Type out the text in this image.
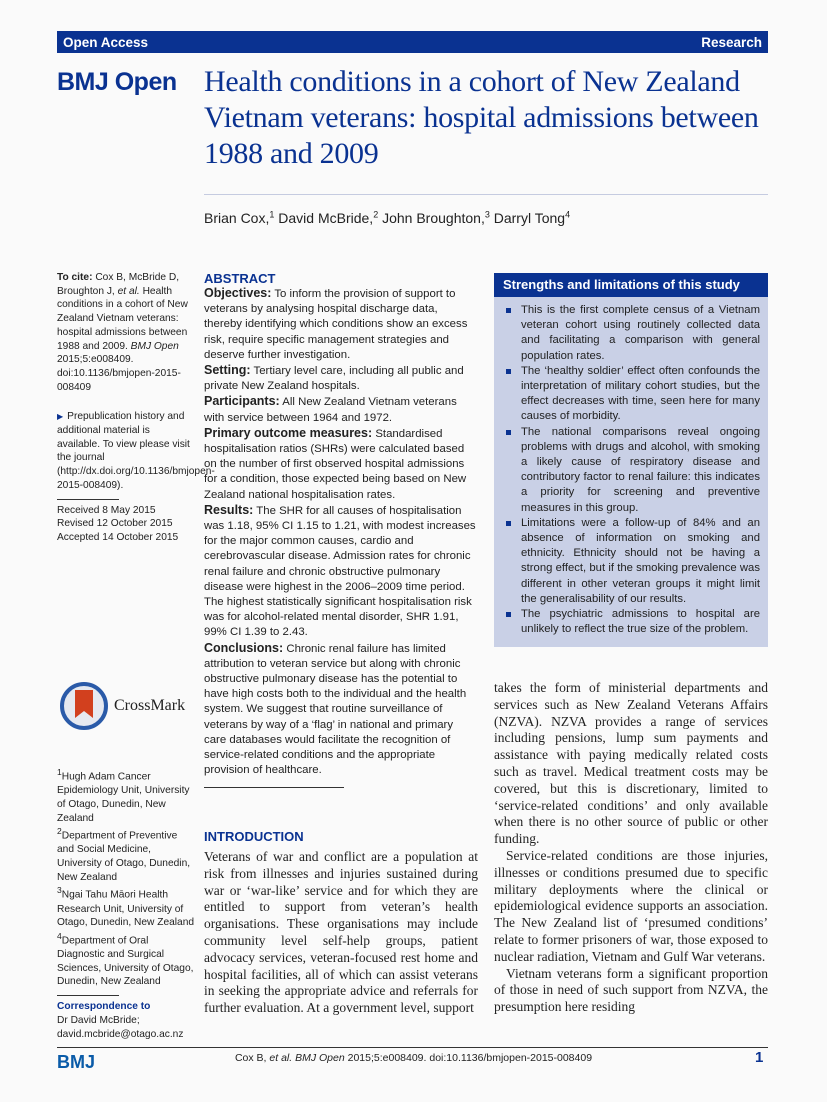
Open Access	Research
BMJ Open Health conditions in a cohort of New Zealand Vietnam veterans: hospital admissions between 1988 and 2009
Brian Cox,$^1$ David McBride,$^2$ John Broughton,$^3$ Darryl Tong$^4$
To cite: Cox B, McBride D, Broughton J, et al. Health conditions in a cohort of New Zealand Vietnam veterans: hospital admissions between 1988 and 2009. BMJ Open 2015;5:e008409. doi:10.1136/bmjopen-2015-008409
▶ Prepublication history and additional material is available. To view please visit the journal (http://dx.doi.org/10.1136/bmjopen-2015-008409).
Received 8 May 2015
Revised 12 October 2015
Accepted 14 October 2015
CrossMark
$^1$Hugh Adam Cancer Epidemiology Unit, University of Otago, Dunedin, New Zealand
$^2$Department of Preventive and Social Medicine, University of Otago, Dunedin, New Zealand
$^3$Ngai Tahu Māori Health Research Unit, University of Otago, Dunedin, New Zealand
$^4$Department of Oral Diagnostic and Surgical Sciences, University of Otago, Dunedin, New Zealand
Correspondence to
Dr David McBride;
david.mcbride@otago.ac.nz
ABSTRACT

Objectives: To inform the provision of support to veterans by analysing hospital discharge data, thereby identifying which conditions show an excess risk, require specific management strategies and deserve further investigation.

Setting: Tertiary level care, including all public and private New Zealand hospitals.

Participants: All New Zealand Vietnam veterans with service between 1964 and 1972.

Primary outcome measures: Standardised hospitalisation ratios (SHRs) were calculated based on the number of first observed hospital admissions for a condition, those expected being based on New Zealand national hospitalisation rates.

Results: The SHR for all causes of hospitalisation was 1.18, 95% CI 1.15 to 1.21, with modest increases for the major common causes, cardio and cerebrovascular disease. Admission rates for chronic renal failure and chronic obstructive pulmonary disease were highest in the 2006–2009 time period. The highest statistically significant hospitalisation risk was for alcohol-related mental disorder, SHR 1.91, 99% CI 1.39 to 2.43.

Conclusions: Chronic renal failure has limited attribution to veteran service but along with chronic obstructive pulmonary disease has the potential to have high costs both to the individual and the health system. We suggest that routine surveillance of veterans by way of a ‘flag’ in national and primary care databases would facilitate the recognition of service-related conditions and the appropriate provision of healthcare.

Strengths and limitations of this study
This is the first complete census of a Vietnam veteran cohort using routinely collected data and facilitating a comparison with general population rates.
The ‘healthy soldier’ effect often confounds the interpretation of military cohort studies, but the effect decreases with time, seen here for many causes of morbidity.
The national comparisons reveal ongoing problems with drugs and alcohol, with smoking a likely cause of respiratory disease and contributory factor to renal failure: this indicates a priority for screening and preventive measures in this group.
Limitations were a follow-up of 84% and an absence of information on smoking and ethnicity. Ethnicity should not be having a strong effect, but if the smoking prevalence was different in other veteran groups it might limit the generalisability of our results.
The psychiatric admissions to hospital are unlikely to reflect the true size of the problem.
INTRODUCTION

Veterans of war and conflict are a population at risk from illnesses and injuries sustained during war or ‘war-like’ service and for which they are entitled to support from veteran’s health organisations. These organisations may include community level self-help groups, patient advocacy services, veteran-focused rest home and hospital facilities, all of which can assist veterans in seeking the appropriate advice and referrals for further evaluation. At a government level, support

takes the form of ministerial departments and services such as New Zealand Veterans Affairs (NZVA). NZVA provides a range of services including pensions, lump sum payments and assistance with paying medically related costs such as travel. Medical treatment costs may be covered, but this is discretionary, limited to ‘service-related conditions’ and only available when there is no other source of public or other funding.

Service-related conditions are those injuries, illnesses or conditions presumed due to specific military deployments where the clinical or epidemiological evidence supports an association. The New Zealand list of ‘presumed conditions’ relate to former prisoners of war, those exposed to nuclear radiation, Vietnam and Gulf War veterans.

Vietnam veterans form a significant proportion of those in need of such support from NZVA, the presumption here residing

BMJ	Cox B, et al. BMJ Open 2015;5:e008409. doi:10.1136/bmjopen-2015-008409	1
